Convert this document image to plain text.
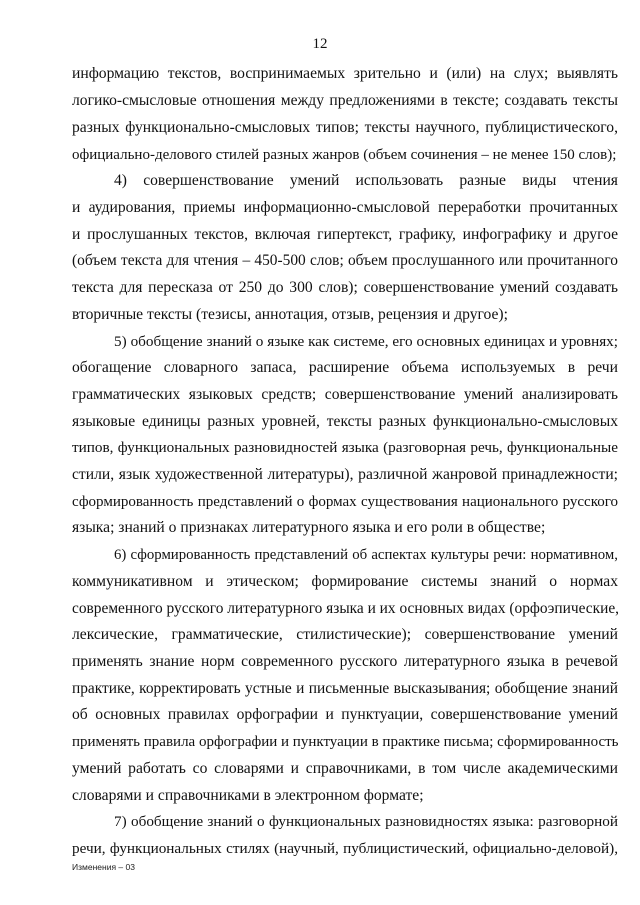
12
информацию текстов, воспринимаемых зрительно и (или) на слух; выявлять
логико-смысловые отношения между предложениями в тексте; создавать тексты
разных функционально-смысловых типов; тексты научного, публицистического,
официально-делового стилей разных жанров (объем сочинения – не менее 150 слов);
4) совершенствование умений использовать разные виды чтения
и аудирования, приемы информационно-смысловой переработки прочитанных
и прослушанных текстов, включая гипертекст, графику, инфографику и другое
(объем текста для чтения – 450-500 слов; объем прослушанного или прочитанного
текста для пересказа от 250 до 300 слов); совершенствование умений создавать
вторичные тексты (тезисы, аннотация, отзыв, рецензия и другое);
5) обобщение знаний о языке как системе, его основных единицах и уровнях;
обогащение словарного запаса, расширение объема используемых в речи
грамматических языковых средств; совершенствование умений анализировать
языковые единицы разных уровней, тексты разных функционально-смысловых
типов, функциональных разновидностей языка (разговорная речь, функциональные
стили, язык художественной литературы), различной жанровой принадлежности;
сформированность представлений о формах существования национального русского
языка; знаний о признаках литературного языка и его роли в обществе;
6) сформированность представлений об аспектах культуры речи: нормативном,
коммуникативном и этическом; формирование системы знаний о нормах
современного русского литературного языка и их основных видах (орфоэпические,
лексические, грамматические, стилистические); совершенствование умений
применять знание норм современного русского литературного языка в речевой
практике, корректировать устные и письменные высказывания; обобщение знаний
об основных правилах орфографии и пунктуации, совершенствование умений
применять правила орфографии и пунктуации в практике письма; сформированность
умений работать со словарями и справочниками, в том числе академическими
словарями и справочниками в электронном формате;
7) обобщение знаний о функциональных разновидностях языка: разговорной
речи, функциональных стилях (научный, публицистический, официально-деловой),
Изменения – 03
